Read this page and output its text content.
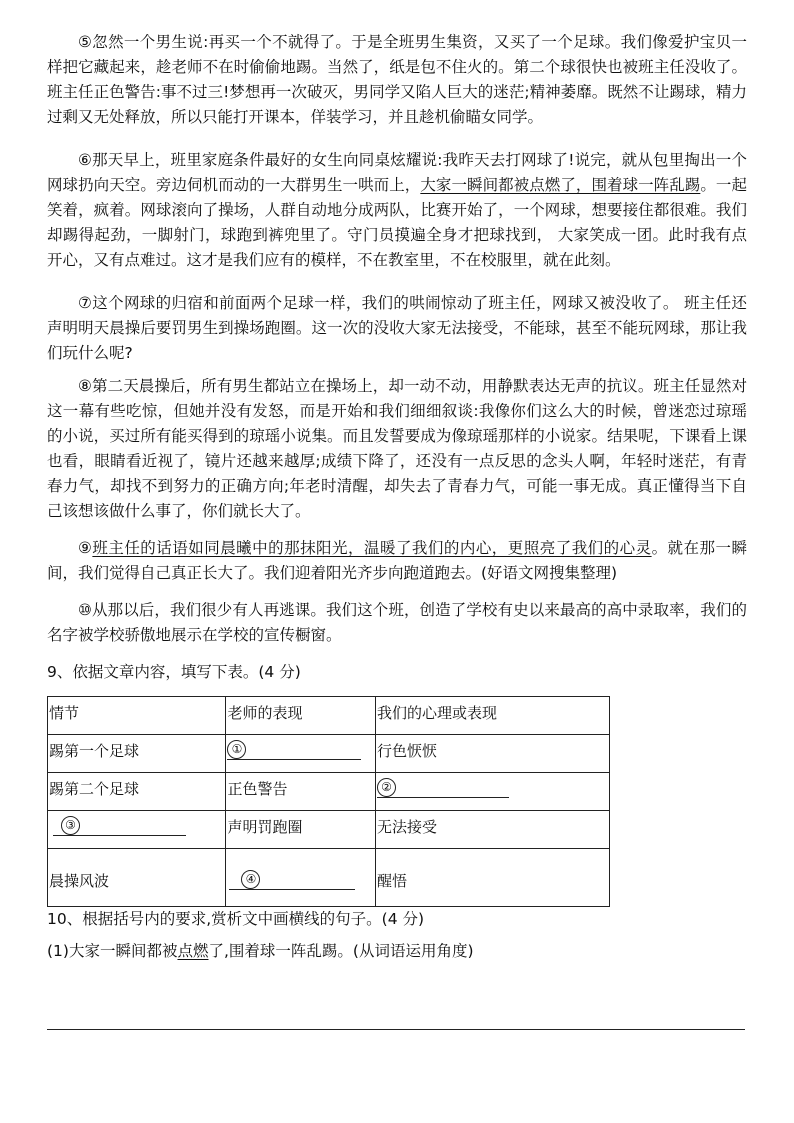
⑤忽然一个男生说:再买一个不就得了。于是全班男生集资，又买了一个足球。我们像爱护宝贝一样把它藏起来，趁老师不在时偷偷地踢。当然了，纸是包不住火的。第二个球很快也被班主任没收了。班主任正色警告:事不过三!梦想再一次破灭，男同学又陷人巨大的迷茫;精神萎靡。既然不让踢球，精力过剩又无处释放，所以只能打开课本，佯装学习，并且趁机偷瞄女同学。

⑥那天早上，班里家庭条件最好的女生向同桌炫耀说:我昨天去打网球了!说完，就从包里掏出一个网球扔向天空。旁边伺机而动的一大群男生一哄而上，大家一瞬间都被点燃了，围着球一阵乱踢。一起笑着，疯着。网球滚向了操场，人群自动地分成两队，比赛开始了，一个网球，想要接住都很难。我们却踢得起劲，一脚射门，球跑到裤兜里了。守门员摸遍全身才把球找到， 大家笑成一团。此时我有点开心，又有点难过。这才是我们应有的模样，不在教室里，不在校服里，就在此刻。

⑦这个网球的归宿和前面两个足球一样，我们的哄闹惊动了班主任，网球又被没收了。 班主任还声明明天晨操后要罚男生到操场跑圈。这一次的没收大家无法接受，不能球，甚至不能玩网球，那让我们玩什么呢?

⑧第二天晨操后，所有男生都站立在操场上，却一动不动，用静默表达无声的抗议。班主任显然对这一幕有些吃惊，但她并没有发怒，而是开始和我们细细叙谈:我像你们这么大的时候，曾迷恋过琼瑶的小说，买过所有能买得到的琼瑶小说集。而且发誓要成为像琼瑶那样的小说家。结果呢，下课看上课也看，眼睛看近视了，镜片还越来越厚;成绩下降了，还没有一点反思的念头人啊，年轻时迷茫，有青春力气，却找不到努力的正确方向;年老时清醒，却失去了青春力气，可能一事无成。真正懂得当下自己该想该做什么事了，你们就长大了。

⑨班主任的话语如同晨曦中的那抹阳光，温暖了我们的内心，更照亮了我们的心灵。就在那一瞬间，我们觉得自己真正长大了。我们迎着阳光齐步向跑道跑去。(好语文网搜集整理)

⑩从那以后，我们很少有人再逃课。我们这个班，创造了学校有史以来最高的高中录取率，我们的名字被学校骄傲地展示在学校的宣传橱窗。

9、依据文章内容，填写下表。(4 分)

情节	老师的表现	我们的心理或表现
踢第一个足球	①	行色恹恹
踢第二个足球	正色警告	②
③	声明罚跑圈	无法接受
晨操风波	④	醒悟

10、根据括号内的要求,赏析文中画横线的句子。(4 分)

(1)大家一瞬间都被点燃了,围着球一阵乱踢。(从词语运用角度)
